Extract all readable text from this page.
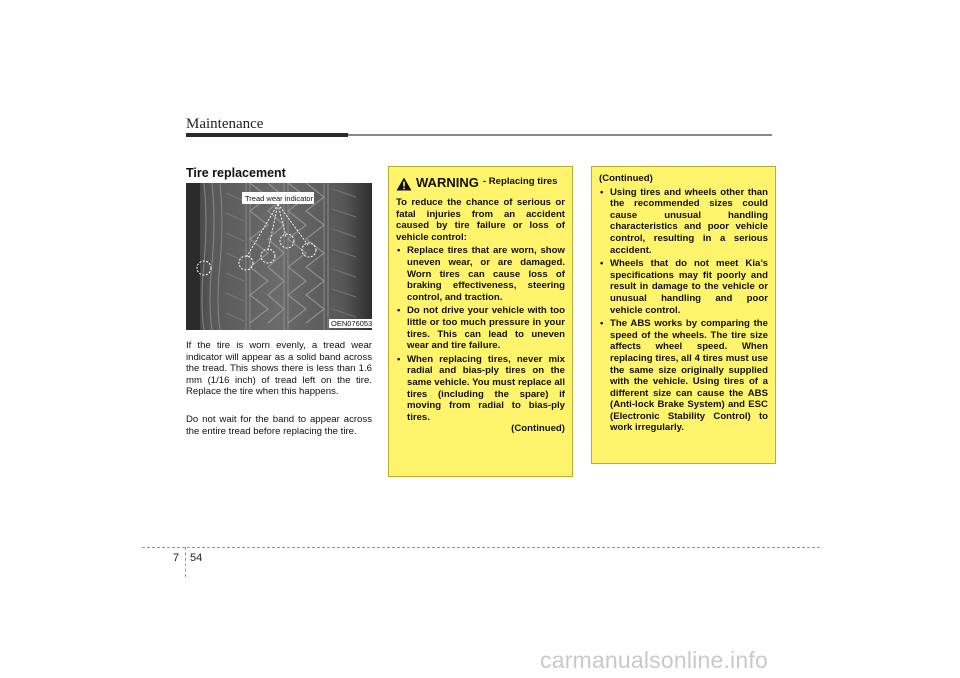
Maintenance
Tire replacement
Tread wear indicator
OEN076053
If the tire is worn evenly, a tread wear indicator will appear as a solid band across the tread. This shows there is less than 1.6 mm (1/16 inch) of tread left on the tire. Replace the tire when this happens.
Do not wait for the band to appear across the entire tread before replacing the tire.
WARNING - Replacing tires
To reduce the chance of serious or fatal injuries from an accident caused by tire failure or loss of vehicle control:
• Replace tires that are worn, show uneven wear, or are damaged. Worn tires can cause loss of braking effectiveness, steering control, and traction.
• Do not drive your vehicle with too little or too much pressure in your tires. This can lead to uneven wear and tire failure.
• When replacing tires, never mix radial and bias-ply tires on the same vehicle. You must replace all tires (including the spare) if moving from radial to bias-ply tires.
(Continued)
(Continued)
• Using tires and wheels other than the recommended sizes could cause unusual handling characteristics and poor vehicle control, resulting in a serious accident.
• Wheels that do not meet Kia’s specifications may fit poorly and result in damage to the vehicle or unusual handling and poor vehicle control.
• The ABS works by comparing the speed of the wheels. The tire size affects wheel speed. When replacing tires, all 4 tires must use the same size originally supplied with the vehicle. Using tires of a different size can cause the ABS (Anti-lock Brake System) and ESC (Electronic Stability Control) to work irregularly.
7 54
carmanualsonline.info
